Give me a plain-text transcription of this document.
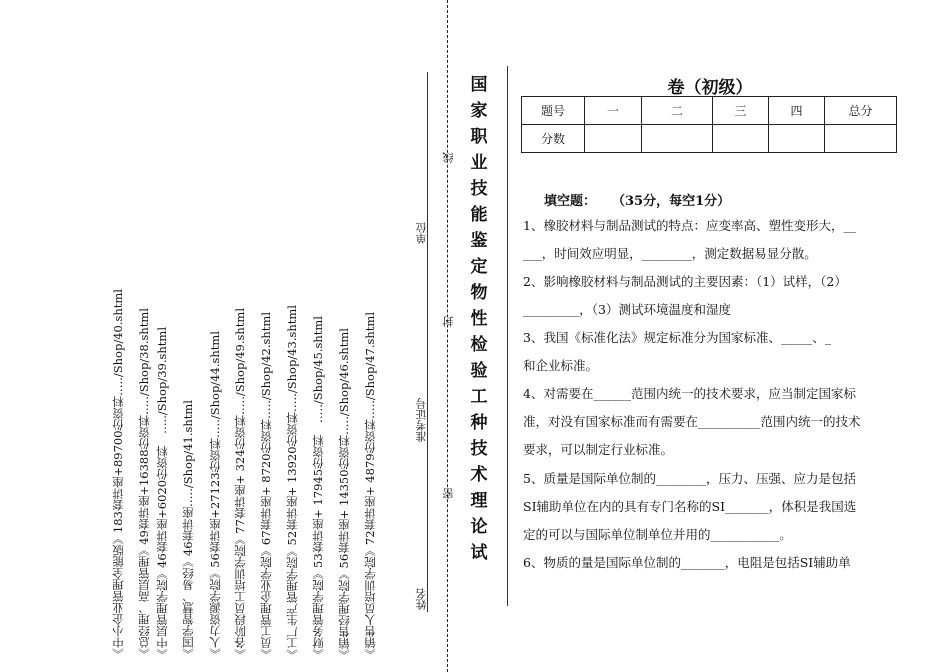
《中小企业管理全能版》183套讲座+89700份资料…../Shop/40.shtml 《总经理、高层管理》49套讲座+16388份资料…../Shop/38.shtml 《中层管理学院》46套讲座+6020份资料　…../Shop/39.shtml 《国学智慧、易经》46套讲座…../Shop/41.shtml 《人力资源学院》56套讲座+27123份资料…../Shop/44.shtml 《各阶段员工培训学院》77套讲座+ 324份资料…../Shop/49.shtml 《员工管理企业学院》67套讲座+ 8720份资料…../Shop/42.shtml 《工厂生产管理学院》52套讲座+ 13920份资料…../Shop/43.shtml 《财务管理学院》53套讲座+ 17945份资料　…../Shop/45.shtml 《销售经理学院》56套讲座+ 14350份资料…../Shop/46.shtml 《销售人员培训学院》72套讲座+ 4879份资料…../Shop/47.shtml	姓名
准考证号
单位
密
封
线
国
家
职
业
技
能
鉴
定
物
性
检
验
工
种
技
术
理
论
试
卷（初级）
题号	一	二	三	四	总分
分数					
填空题： （35分，每空1分）
1、橡胶材料与制品测试的特点：应变率高、塑性变形大，__
___，时间效应明显，________，测定数据易显分散。
2、影响橡胶材料与制品测试的主要因素：（1）试样，（2）
_________，（3）测试环境温度和湿度
3、我国《标准化法》规定标准分为国家标准、_____、_
和企业标准。
4、对需要在______范围内统一的技术要求，应当制定国家标
准，对没有国家标准而有需要在__________范围内统一的技术
要求，可以制定行业标准。
5、质量是国际单位制的________，压力、压强、应力是包括
SI辅助单位在内的具有专门名称的SI_______，体积是我国选
定的可以与国际单位制单位并用的___________。
6、物质的量是国际单位制的_______，电阻是包括SI辅助单
